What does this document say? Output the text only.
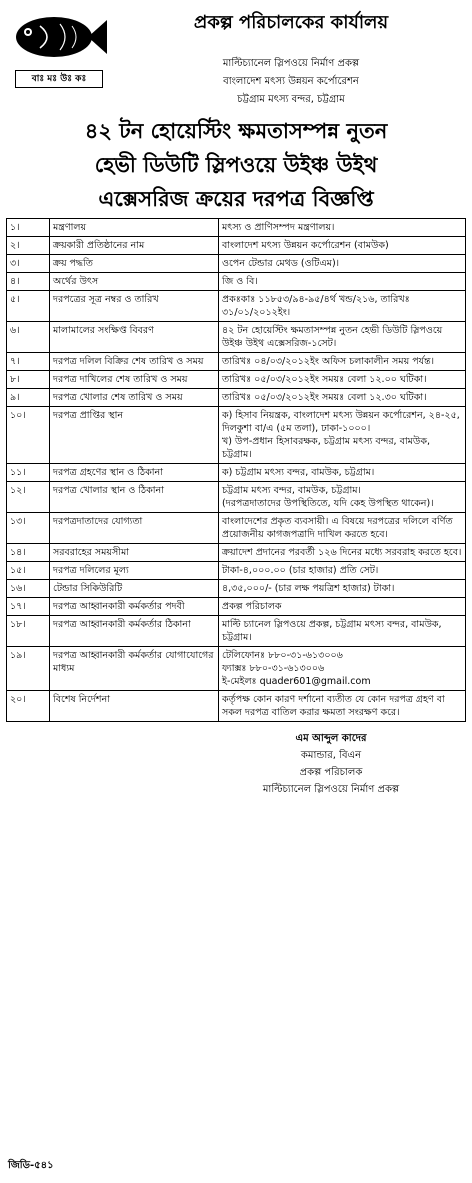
বাঃ মঃ উঃ কঃ
প্রকল্প পরিচালকের কার্যালয়
মাল্টিচ্যানেল স্লিপওয়ে নির্মাণ প্রকল্প
বাংলাদেশ মৎস্য উন্নয়ন কর্পোরেশন
চট্টগ্রাম মৎস্য বন্দর, চট্টগ্রাম
৪২ টন হোয়েস্টিং ক্ষমতাসম্পন্ন নুতন
হেভী ডিউটি স্লিপওয়ে উইঞ্চ উইথ
এক্সেসরিজ ক্রয়ের দরপত্র বিজ্ঞপ্তি
১।	মন্ত্রণালয়	মৎস্য ও প্রাণিসম্পদ মন্ত্রণালয়।
২।	ক্রয়কারী প্রতিষ্ঠানের নাম	বাংলাদেশ মৎস্য উন্নয়ন কর্পোরেশন (বামউক)
৩।	ক্রয় পদ্ধতি	ওপেন টেন্ডার মেথড (ওটিএম)।
৪।	অর্থের উৎস	জি ও বি।
৫।	দরপত্রের সূত্র নম্বর ও তারিখ	প্রকঃকাঃ ১১৮৫৩/৯৪-৯৫/৪র্থ খন্ড/২১৬, তারিখঃ ৩১/০১/২০১২ইং।
৬।	মালামালের সংক্ষিপ্ত বিবরণ	৪২ টন হোয়েস্টিং ক্ষমতাসম্পন্ন নুতন হেভী ডিউটি স্লিপওয়ে উইঞ্চ উইথ এক্সেসরিজ-১সেট।
৭।	দরপত্র দলিল বিক্রির শেষ তারিখ ও সময়	তারিখঃ ০৪/০৩/২০১২ইং অফিস চলাকালীন সময় পর্যন্ত।
৮।	দরপত্র দাখিলের শেষ তারিখ ও সময়	তারিখঃ ০৫/০৩/২০১২ইং সময়ঃ বেলা ১২.০০ ঘটিকা।
৯।	দরপত্র খোলার শেষ তারিখ ও সময়	তারিখঃ ০৫/০৩/২০১২ইং সময়ঃ বেলা ১২.৩০ ঘটিকা।
১০।	দরপত্র প্রাপ্তির স্থান	ক) হিসাব নিয়ন্ত্রক, বাংলাদেশ মৎস্য উন্নয়ন কর্পোরেশন, ২৪-২৫, দিলকুশা বা/এ (৫ম তলা), ঢাকা-১০০০।
খ) উপ-প্রধান হিসাবরক্ষক, চট্টগ্রাম মৎস্য বন্দর, বামউক, চট্টগ্রাম।
১১।	দরপত্র গ্রহণের স্থান ও ঠিকানা	ক) চট্টগ্রাম মৎস্য বন্দর, বামউক, চট্টগ্রাম।
১২।	দরপত্র খোলার স্থান ও ঠিকানা	চট্টগ্রাম মৎস্য বন্দর, বামউক, চট্টগ্রাম।
(দরপত্রদাতাদের উপস্থিতিতে, যদি কেহ উপস্থিত থাকেন)।
১৩।	দরপত্রদাতাদের যোগ্যতা	বাংলাদেশের প্রকৃত ব্যবসায়ী। এ বিষয়ে দরপত্রের দলিলে বর্ণিত প্রয়োজনীয় কাগজপত্রাদি দাখিল করতে হবে।
১৪।	সরবরাহের সময়সীমা	ক্রয়াদেশ প্রদানের পরবর্তী ১২৬ দিনের মধ্যে সরবরাহ করতে হবে।
১৫।	দরপত্র দলিলের মূল্য	টাকা-৪,০০০.০০ (চার হাজার) প্রতি সেট।
১৬।	টেন্ডার সিকিউরিটি	৪,৩৫,০০০/- (চার লক্ষ পয়ত্রিশ হাজার) টাকা।
১৭।	দরপত্র আহ্বানকারী কর্মকর্তার পদবী	প্রকল্প পরিচালক
১৮।	দরপত্র আহ্বানকারী কর্মকর্তার ঠিকানা	মাল্টি চ্যানেল স্লিপওয়ে প্রকল্প, চট্টগ্রাম মৎস্য বন্দর, বামউক, চট্টগ্রাম।
১৯।	দরপত্র আহ্বানকারী কর্মকর্তার যোগাযোগের মাধ্যম	টেলিফোনঃ ৮৮০-৩১-৬১৩০০৬
ফ্যাক্সঃ ৮৮০-৩১-৬১৩০০৬
ই-মেইলঃ quader601@gmail.com
২০।	বিশেষ নির্দেশনা	কর্তৃপক্ষ কোন কারণ দর্শানো ব্যতীত যে কোন দরপত্র গ্রহণ বা সকল দরপত্র বাতিল করার ক্ষমতা সংরক্ষণ করে।
এম আব্দুল কাদের
কমান্ডার, বিএন
প্রকল্প পরিচালক
মাল্টিচ্যানেল স্লিপওয়ে নির্মাণ প্রকল্প
জিডি-৫৪১
